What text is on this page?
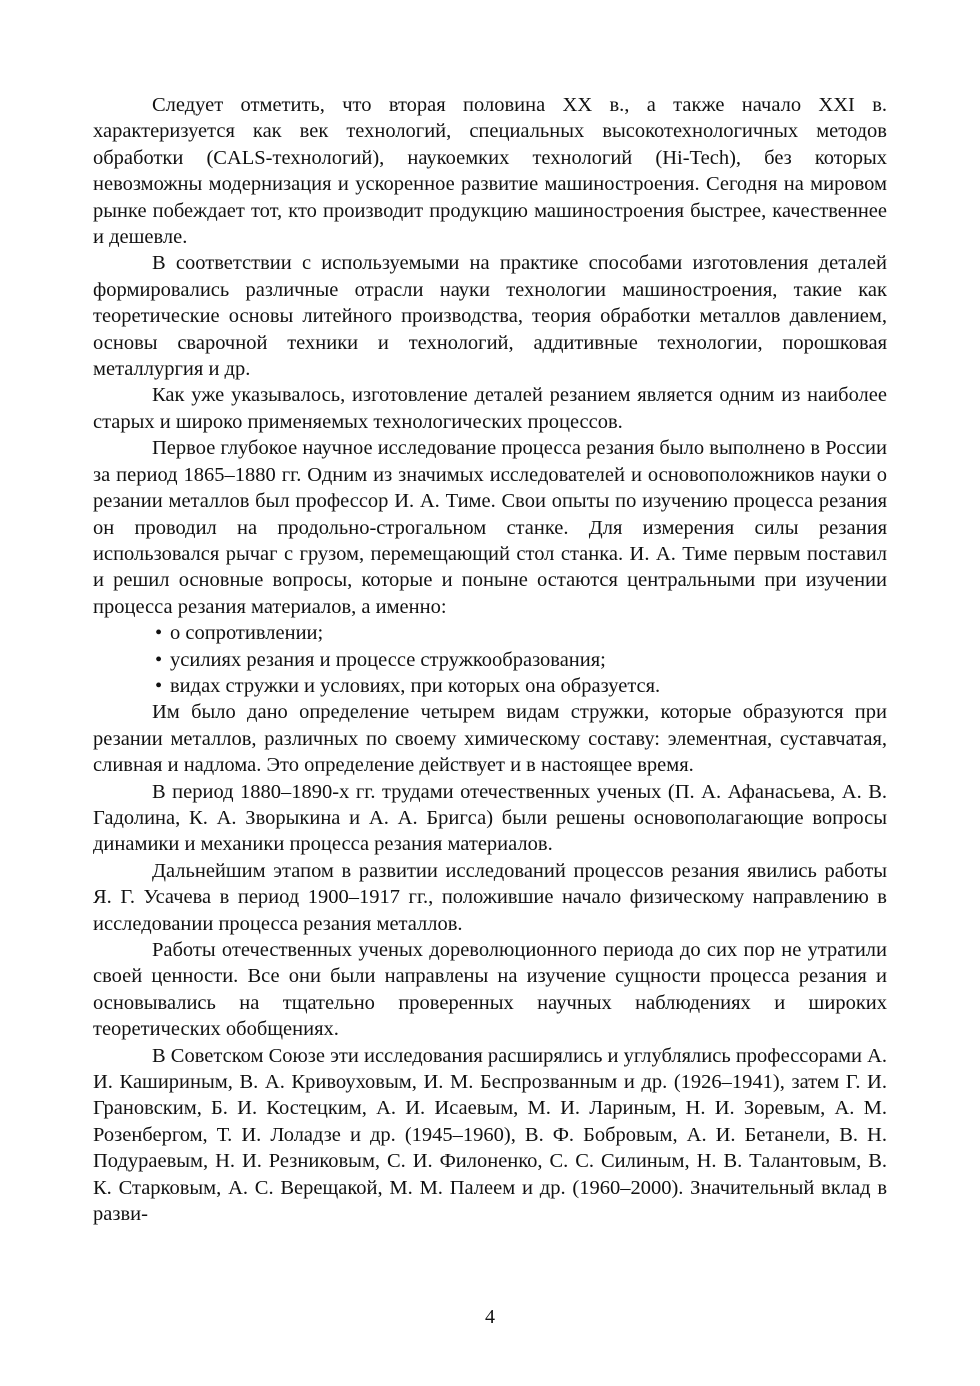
Следует отметить, что вторая половина XX в., а также начало XXI в. характеризуется как век технологий, специальных высокотехнологичных методов обработки (CALS-технологий), наукоемких технологий (Hi-Tech), без которых невозможны модернизация и ускоренное развитие машиностроения. Сегодня на мировом рынке побеждает тот, кто производит продукцию машиностроения быстрее, качественнее и дешевле.

В соответствии с используемыми на практике способами изготовления деталей формировались различные отрасли науки технологии машиностроения, такие как теоретические основы литейного производства, теория обработки металлов давлением, основы сварочной техники и технологий, аддитивные технологии, порошковая металлургия и др.

Как уже указывалось, изготовление деталей резанием является одним из наиболее старых и широко применяемых технологических процессов.

Первое глубокое научное исследование процесса резания было выполнено в России за период 1865–1880 гг. Одним из значимых исследователей и основоположников науки о резании металлов был профессор И. А. Тиме. Свои опыты по изучению процесса резания он проводил на продольно-строгальном станке. Для измерения силы резания использовался рычаг с грузом, перемещающий стол станка. И. А. Тиме первым поставил и решил основные вопросы, которые и поныне остаются центральными при изучении процесса резания материалов, а именно:

• о сопротивлении;
• усилиях резания и процессе стружкообразования;
• видах стружки и условиях, при которых она образуется.

Им было дано определение четырем видам стружки, которые образуются при резании металлов, различных по своему химическому составу: элементная, суставчатая, сливная и надлома. Это определение действует и в настоящее время.

В период 1880–1890-х гг. трудами отечественных ученых (П. А. Афанасьева, А. В. Гадолина, К. А. Зворыкина и А. А. Бригса) были решены основополагающие вопросы динамики и механики процесса резания материалов.

Дальнейшим этапом в развитии исследований процессов резания явились работы Я. Г. Усачева в период 1900–1917 гг., положившие начало физическому направлению в исследовании процесса резания металлов.

Работы отечественных ученых дореволюционного периода до сих пор не утратили своей ценности. Все они были направлены на изучение сущности процесса резания и основывались на тщательно проверенных научных наблюдениях и широких теоретических обобщениях.

В Советском Союзе эти исследования расширялись и углублялись профессорами А. И. Кашириным, В. А. Кривоуховым, И. М. Беспрозванным и др. (1926–1941), затем Г. И. Грановским, Б. И. Костецким, А. И. Исаевым, М. И. Лариным, Н. И. Зоревым, А. М. Розенбергом, Т. И. Лоладзе и др. (1945–1960), В. Ф. Бобровым, А. И. Бетанели, В. Н. Подураевым, Н. И. Резниковым, С. И. Филоненко, С. С. Силиным, Н. В. Талантовым, В. К. Старковым, А. С. Верещакой, М. М. Палеем и др. (1960–2000). Значительный вклад в разви-

4
